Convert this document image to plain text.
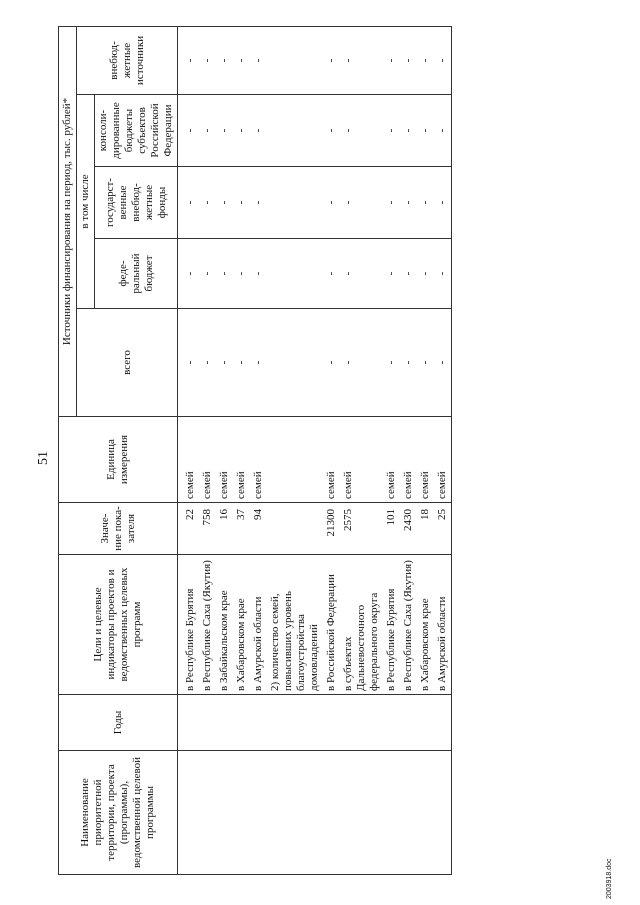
51
2003918.doc
Наименование приоритетной территории, проекта (программы), ведомственной целевой программы	Годы	Цели и целевые индикаторы проектов и ведомственных целевых программ	Значе-ние пока-зателя	Единица измерения	Источники финансирования на период, тыс. рублей*				
					всего	в том числе			внебюд-жетные источники
						феде-ральный бюджет	государст-венные внебюд-жетные фонды	консоли-дированные бюджеты субъектов Российской Федерации	
		в Республике Бурятия	22	семей	-	-	-	-	-
		в Республике Саха (Якутия)	758	семей	-	-	-	-	-
		в Забайкальском крае	16	семей	-	-	-	-	-
		в Хабаровском крае	37	семей	-	-	-	-	-
		в Амурской области	94	семей	-	-	-	-	-
		2) количество семей, повысивших уровень благоустройства домовладений							
		в Российской Федерации	21300	семей	-	-	-	-	-
		в субъектах Дальневосточного федерального округа	2575	семей	-	-	-	-	-
		в Республике Бурятия	101	семей	-	-	-	-	-
		в Республике Саха (Якутия)	2430	семей	-	-	-	-	-
		в Хабаровском крае	18	семей	-	-	-	-	-
		в Амурской области	25	семей	-	-	-	-	-
